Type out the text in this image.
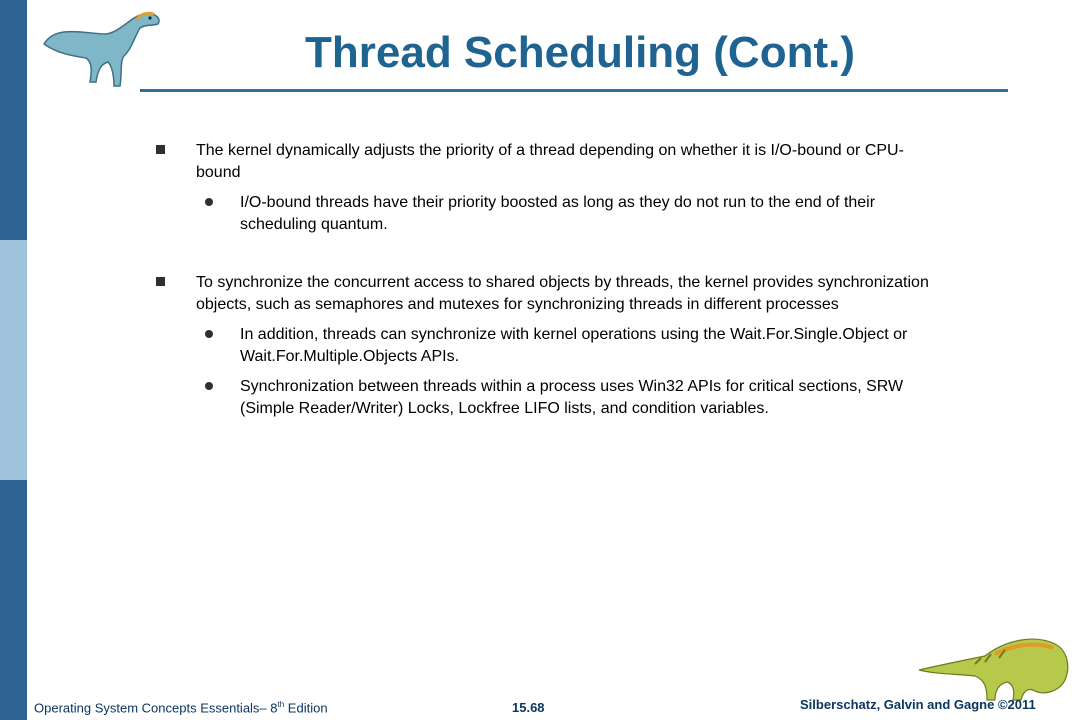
Thread Scheduling (Cont.)
The kernel dynamically adjusts the priority of a thread depending on whether it is I/O-bound or CPU-bound
I/O-bound threads have their priority boosted as long as they do not run to the end of their scheduling quantum.
To synchronize the concurrent access to shared objects by threads, the kernel provides synchronization objects, such as semaphores and mutexes for synchronizing threads in different processes
In addition, threads can synchronize with kernel operations using the Wait.For.Single.Object or Wait.For.Multiple.Objects APIs.
Synchronization between threads within a process uses Win32 APIs for critical sections, SRW (Simple Reader/Writer) Locks, Lockfree LIFO lists, and condition variables.
Operating System Concepts Essentials– 8th Edition	15.68	Silberschatz, Galvin and Gagne ©2011
